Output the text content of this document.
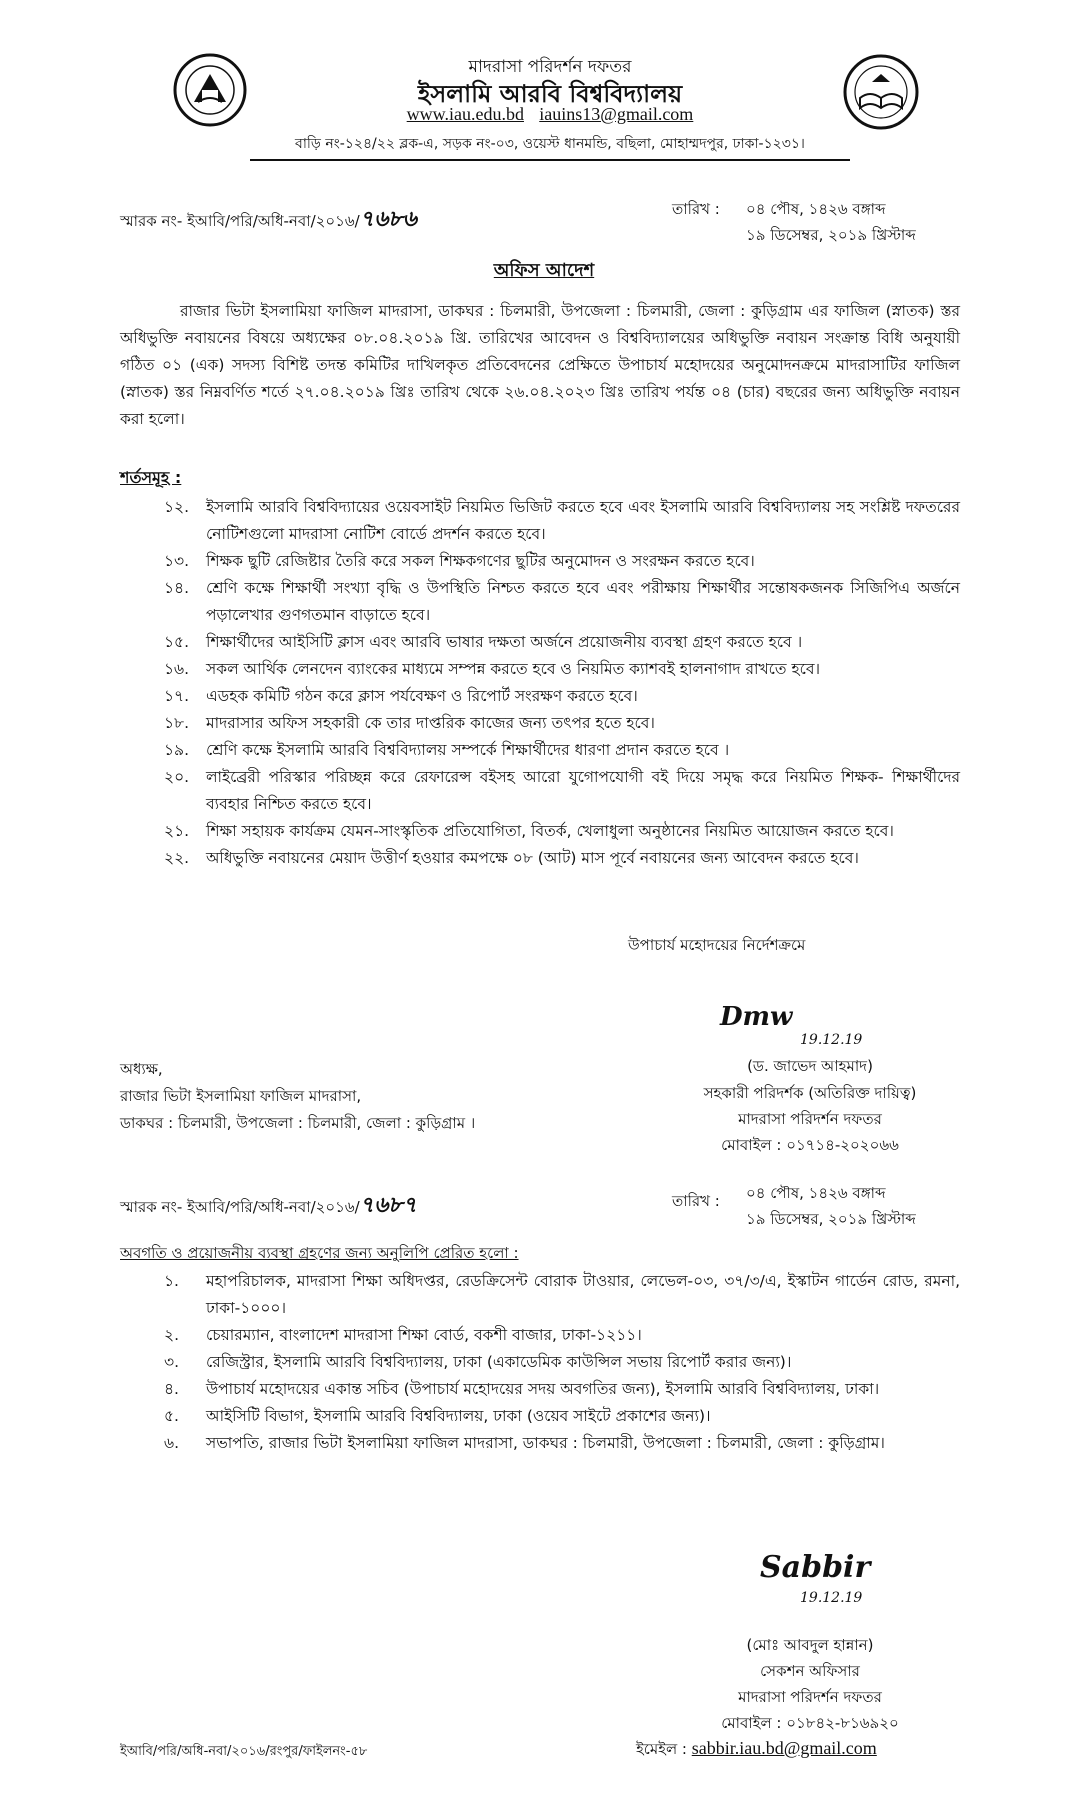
মাদরাসা পরিদর্শন দফতর
ইসলামি আরবি বিশ্ববিদ্যালয়
www.iau.edu.bd iauins13@gmail.com
বাড়ি নং-১২৪/২২ ব্লক-এ, সড়ক নং-০৩, ওয়েস্ট ধানমন্ডি, বছিলা, মোহাম্মদপুর, ঢাকা-১২৩১।
স্মারক নং- ইআবি/পরি/অধি-নবা/২০১৬/৭৬৮৬	তারিখ : ০৪ পৌষ, ১৪২৬ বঙ্গাব্দ
১৯ ডিসেম্বর, ২০১৯ খ্রিস্টাব্দ
অফিস আদেশ
রাজার ভিটা ইসলামিয়া ফাজিল মাদরাসা, ডাকঘর : চিলমারী, উপজেলা : চিলমারী, জেলা : কুড়িগ্রাম এর ফাজিল (স্নাতক) স্তর অধিভুক্তি নবায়নের বিষয়ে অধ্যক্ষের ০৮.০৪.২০১৯ খ্রি. তারিখের আবেদন ও বিশ্ববিদ্যালয়ের অধিভুক্তি নবায়ন সংক্রান্ত বিধি অনুযায়ী গঠিত ০১ (এক) সদস্য বিশিষ্ট তদন্ত কমিটির দাখিলকৃত প্রতিবেদনের প্রেক্ষিতে উপাচার্য মহোদয়ের অনুমোদনক্রমে মাদরাসাটির ফাজিল (স্নাতক) স্তর নিম্নবর্ণিত শর্তে ২৭.০৪.২০১৯ খ্রিঃ তারিখ থেকে ২৬.০৪.২০২৩ খ্রিঃ তারিখ পর্যন্ত ০৪ (চার) বছরের জন্য অধিভুক্তি নবায়ন করা হলো।
শর্তসমূহ :
১২.	ইসলামি আরবি বিশ্ববিদ্যায়ের ওয়েবসাইট নিয়মিত ভিজিট করতে হবে এবং ইসলামি আরবি বিশ্ববিদ্যালয় সহ সংশ্লিষ্ট দফতরের নোটিশগুলো মাদরাসা নোটিশ বোর্ডে প্রদর্শন করতে হবে।
১৩.	শিক্ষক ছুটি রেজিষ্টার তৈরি করে সকল শিক্ষকগণের ছুটির অনুমোদন ও সংরক্ষন করতে হবে।
১৪.	শ্রেণি কক্ষে শিক্ষার্থী সংখ্যা বৃদ্ধি ও উপস্থিতি নিশ্চত করতে হবে এবং পরীক্ষায় শিক্ষার্থীর সন্তোষকজনক সিজিপিএ অর্জনে পড়ালেখার গুণগতমান বাড়াতে হবে।
১৫.	শিক্ষার্থীদের আইসিটি ক্লাস এবং আরবি ভাষার দক্ষতা অর্জনে প্রয়োজনীয় ব্যবস্থা গ্রহণ করতে হবে ।
১৬.	সকল আর্থিক লেনদেন ব্যাংকের মাধ্যমে সম্পন্ন করতে হবে ও নিয়মিত ক্যাশবই হালনাগাদ রাখতে হবে।
১৭.	এডহক কমিটি গঠন করে ক্লাস পর্যবেক্ষণ ও রিপোর্ট সংরক্ষণ করতে হবে।
১৮.	মাদরাসার অফিস সহকারী কে তার দাপ্তরিক কাজের জন্য তৎপর হতে হবে।
১৯.	শ্রেণি কক্ষে ইসলামি আরবি বিশ্ববিদ্যালয় সম্পর্কে শিক্ষার্থীদের ধারণা প্রদান করতে হবে ।
২০.	লাইব্রেরী পরিস্কার পরিচ্ছন্ন করে রেফারেন্স বইসহ আরো যুগোপযোগী বই দিয়ে সমৃদ্ধ করে নিয়মিত শিক্ষক- শিক্ষার্থীদের ব্যবহার নিশ্চিত করতে হবে।
২১.	শিক্ষা সহায়ক কার্যক্রম যেমন-সাংস্কৃতিক প্রতিযোগিতা, বিতর্ক, খেলাধুলা অনুষ্ঠানের নিয়মিত আয়োজন করতে হবে।
২২.	অধিভুক্তি নবায়নের মেয়াদ উত্তীর্ণ হওয়ার কমপক্ষে ০৮ (আট) মাস পূর্বে নবায়নের জন্য আবেদন করতে হবে।
উপাচার্য মহোদয়ের নির্দেশক্রমে
Dmw
19.12.19
(ড. জাভেদ আহমাদ)
সহকারী পরিদর্শক (অতিরিক্ত দায়িত্ব)
মাদরাসা পরিদর্শন দফতর
মোবাইল : ০১৭১৪-২০২০৬৬
অধ্যক্ষ,
রাজার ভিটা ইসলামিয়া ফাজিল মাদরাসা,
ডাকঘর : চিলমারী, উপজেলা : চিলমারী, জেলা : কুড়িগ্রাম ।
স্মারক নং- ইআবি/পরি/অধি-নবা/২০১৬/৭৬৮৭	তারিখ : ০৪ পৌষ, ১৪২৬ বঙ্গাব্দ
১৯ ডিসেম্বর, ২০১৯ খ্রিস্টাব্দ
অবগতি ও প্রয়োজনীয় ব্যবস্থা গ্রহণের জন্য অনুলিপি প্রেরিত হলো :
১.	মহাপরিচালক, মাদরাসা শিক্ষা অধিদপ্তর, রেডক্রিসেন্ট বোরাক টাওয়ার, লেভেল-০৩, ৩৭/৩/এ, ইস্কাটন গার্ডেন রোড, রমনা, ঢাকা-১০০০।
২.	চেয়ারম্যান, বাংলাদেশ মাদরাসা শিক্ষা বোর্ড, বকশী বাজার, ঢাকা-১২১১।
৩.	রেজিস্ট্রার, ইসলামি আরবি বিশ্ববিদ্যালয়, ঢাকা (একাডেমিক কাউন্সিল সভায় রিপোর্ট করার জন্য)।
৪.	উপাচার্য মহোদয়ের একান্ত সচিব (উপাচার্য মহোদয়ের সদয় অবগতির জন্য), ইসলামি আরবি বিশ্ববিদ্যালয়, ঢাকা।
৫.	আইসিটি বিভাগ, ইসলামি আরবি বিশ্ববিদ্যালয়, ঢাকা (ওয়েব সাইটে প্রকাশের জন্য)।
৬.	সভাপতি, রাজার ভিটা ইসলামিয়া ফাজিল মাদরাসা, ডাকঘর : চিলমারী, উপজেলা : চিলমারী, জেলা : কুড়িগ্রাম।
Sabbir
19.12.19
(মোঃ আবদুল হান্নান)
সেকশন অফিসার
মাদরাসা পরিদর্শন দফতর
মোবাইল : ০১৮৪২-৮১৬৯২০
ইমেইল : sabbir.iau.bd@gmail.com
ইআবি/পরি/অধি-নবা/২০১৬/রংপুর/ফাইলনং-৫৮
